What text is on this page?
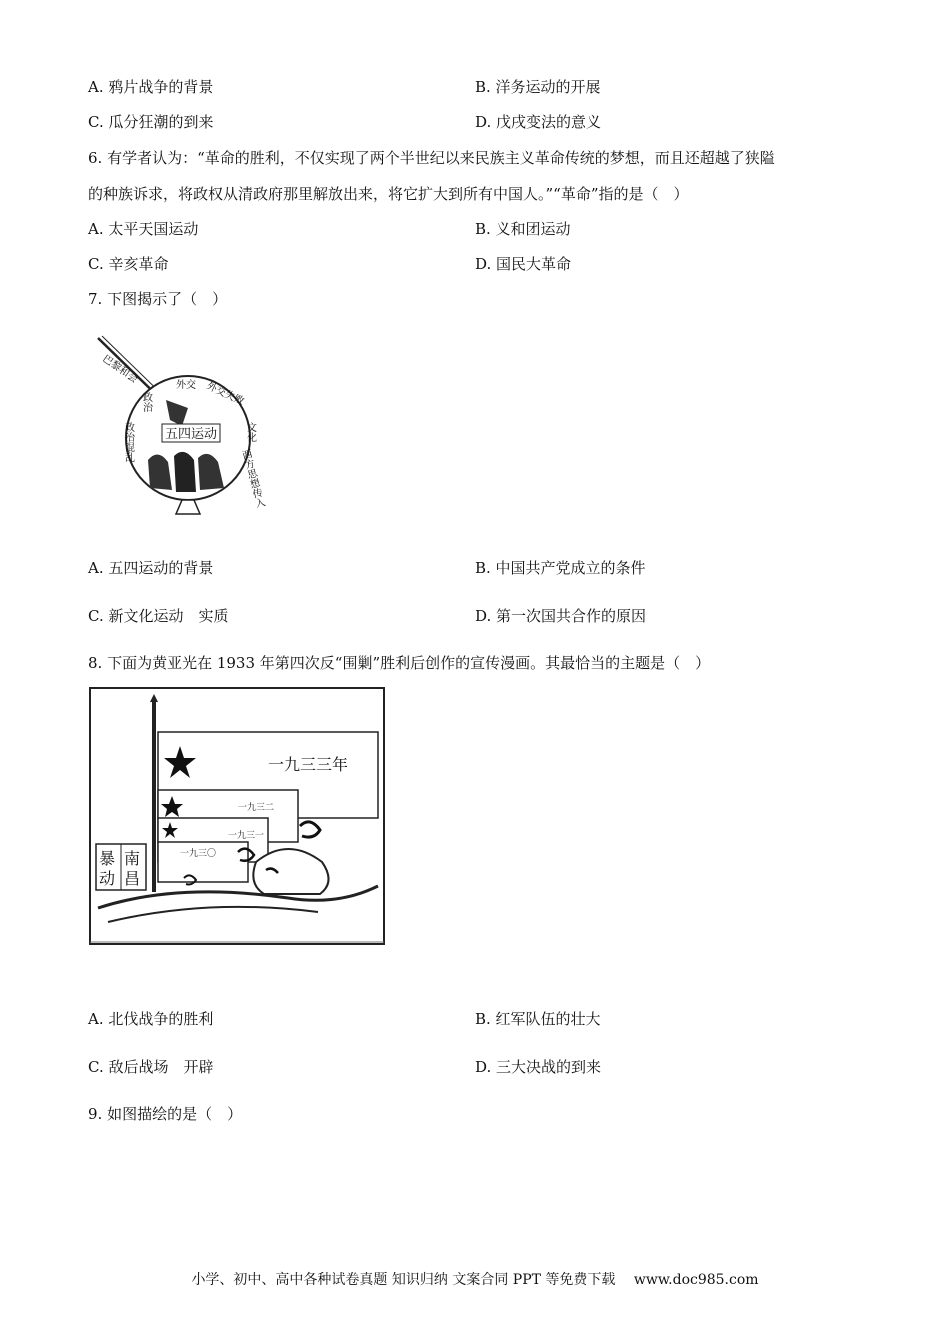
A. 鸦片战争的背景	B. 洋务运动的开展
C. 瓜分狂潮的到来	D. 戊戌变法的意义
6. 有学者认为：“革命的胜利，不仅实现了两个半世纪以来民族主义革命传统的梦想，而且还超越了狭隘
的种族诉求，将政权从清政府那里解放出来，将它扩大到所有中国人。”“革命”指的是（　）
A. 太平天国运动	B. 义和团运动
C. 辛亥革命	D. 国民大革命
7. 下图揭示了（　）
五四运动
巴黎和会
外交 外交失败
文化
西方思想传入
政治
政治混乱
A. 五四运动的背景	B. 中国共产党成立的条件
C. 新文化运动　实质	D. 第一次国共合作的原因
8. 下面为黄亚光在 1933 年第四次反“围剿”胜利后创作的宣传漫画。其最恰当的主题是（　）
一九三三年
一九三二
一九三一
一九三〇
南
昌
暴
动
A. 北伐战争的胜利	B. 红军队伍的壮大
C. 敌后战场　开辟	D. 三大决战的到来
9. 如图描绘的是（　）
小学、初中、高中各种试卷真题 知识归纳 文案合同 PPT 等免费下载　 www.doc985.com
